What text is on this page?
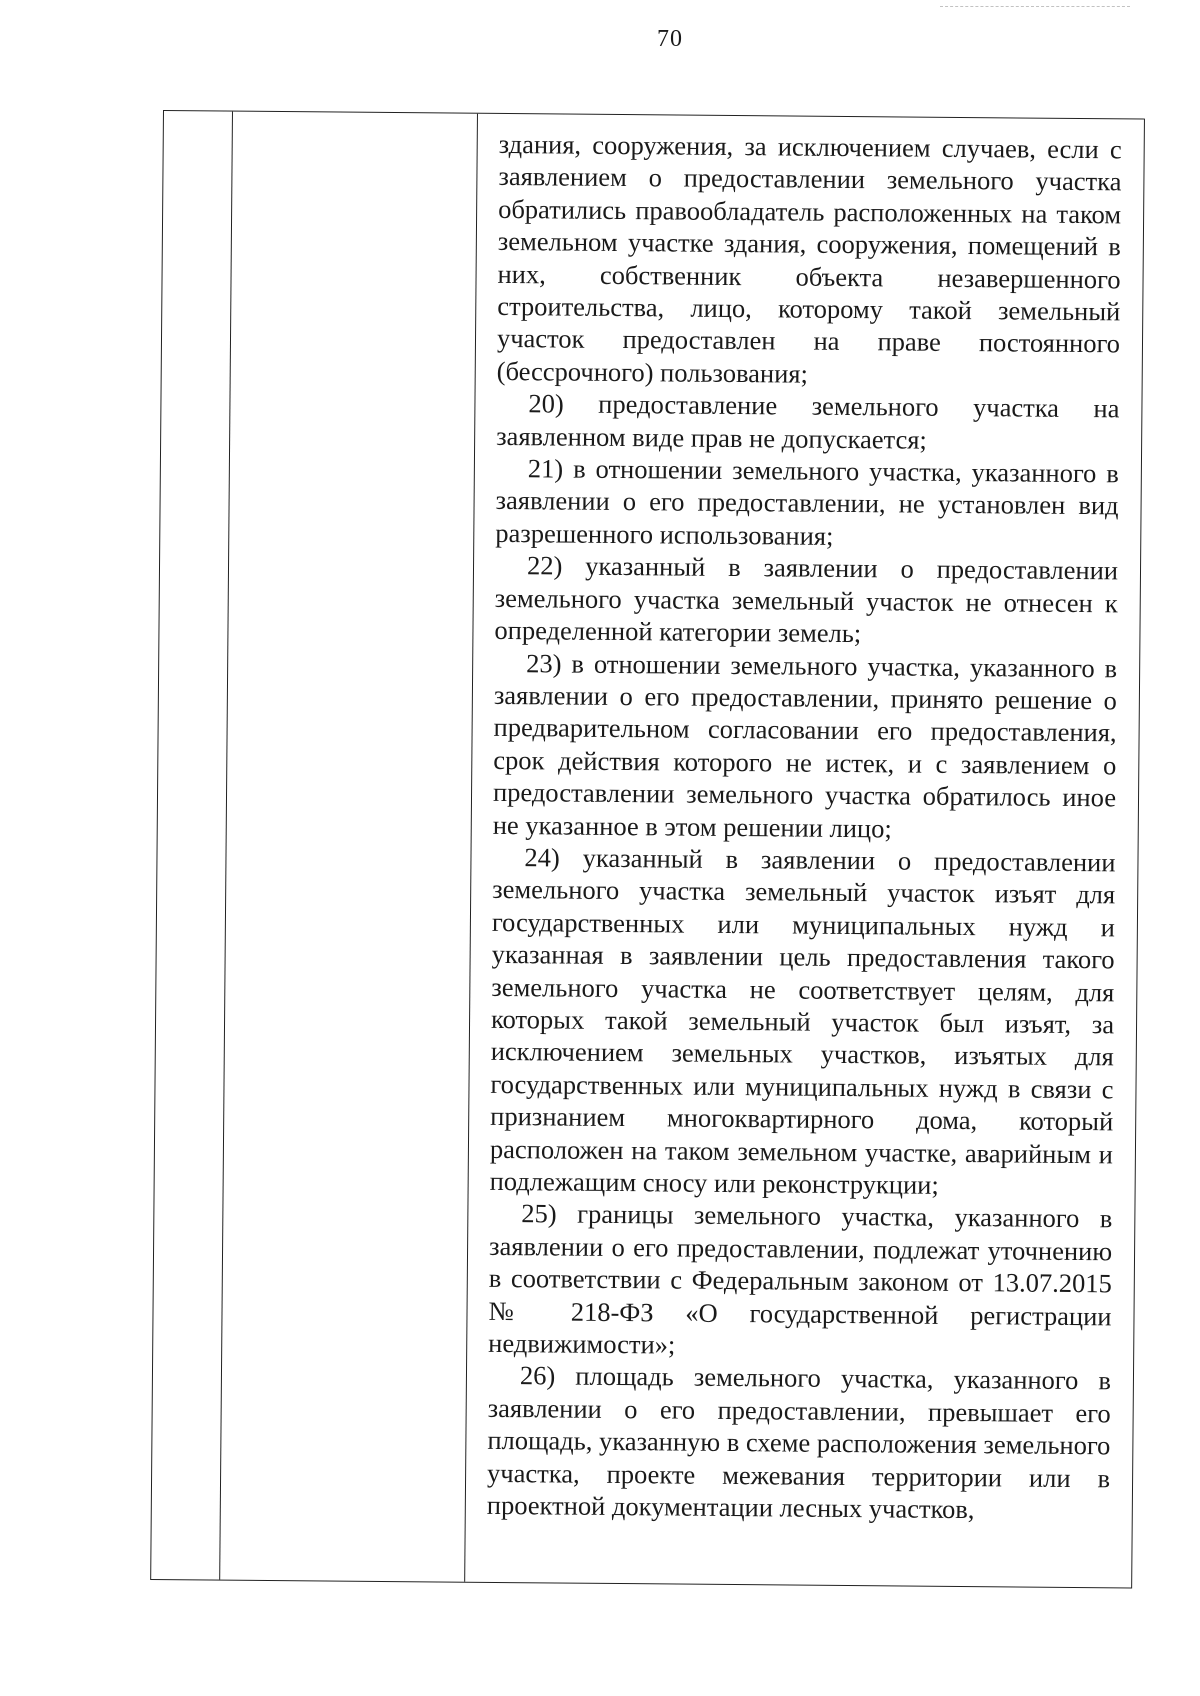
70

здания, сооружения, за исключением случаев, если с заявлением о предоставлении земельного участка обратились правообладатель расположенных на таком земельном участке здания, сооружения, помещений в них, собственник объекта незавершенного строительства, лицо, которому такой земельный участок предоставлен на праве постоянного (бессрочного) пользования;

20) предоставление земельного участка на заявленном виде прав не допускается;

21) в отношении земельного участка, указанного в заявлении о его предоставлении, не установлен вид разрешенного использования;

22) указанный в заявлении о предоставлении земельного участка земельный участок не отнесен к определенной категории земель;

23) в отношении земельного участка, указанного в заявлении о его предоставлении, принято решение о предварительном согласовании его предоставления, срок действия которого не истек, и с заявлением о предоставлении земельного участка обратилось иное не указанное в этом решении лицо;

24) указанный в заявлении о предоставлении земельного участка земельный участок изъят для государственных или муниципальных нужд и указанная в заявлении цель предоставления такого земельного участка не соответствует целям, для которых такой земельный участок был изъят, за исключением земельных участков, изъятых для государственных или муниципальных нужд в связи с признанием многоквартирного дома, который расположен на таком земельном участке, аварийным и подлежащим сносу или реконструкции;

25) границы земельного участка, указанного в заявлении о его предоставлении, подлежат уточнению в соответствии с Федеральным законом от 13.07.2015 № 218-ФЗ «О государственной регистрации недвижимости»;

26) площадь земельного участка, указанного в заявлении о его предоставлении, превышает его площадь, указанную в схеме расположения земельного участка, проекте межевания территории или в проектной документации лесных участков,
